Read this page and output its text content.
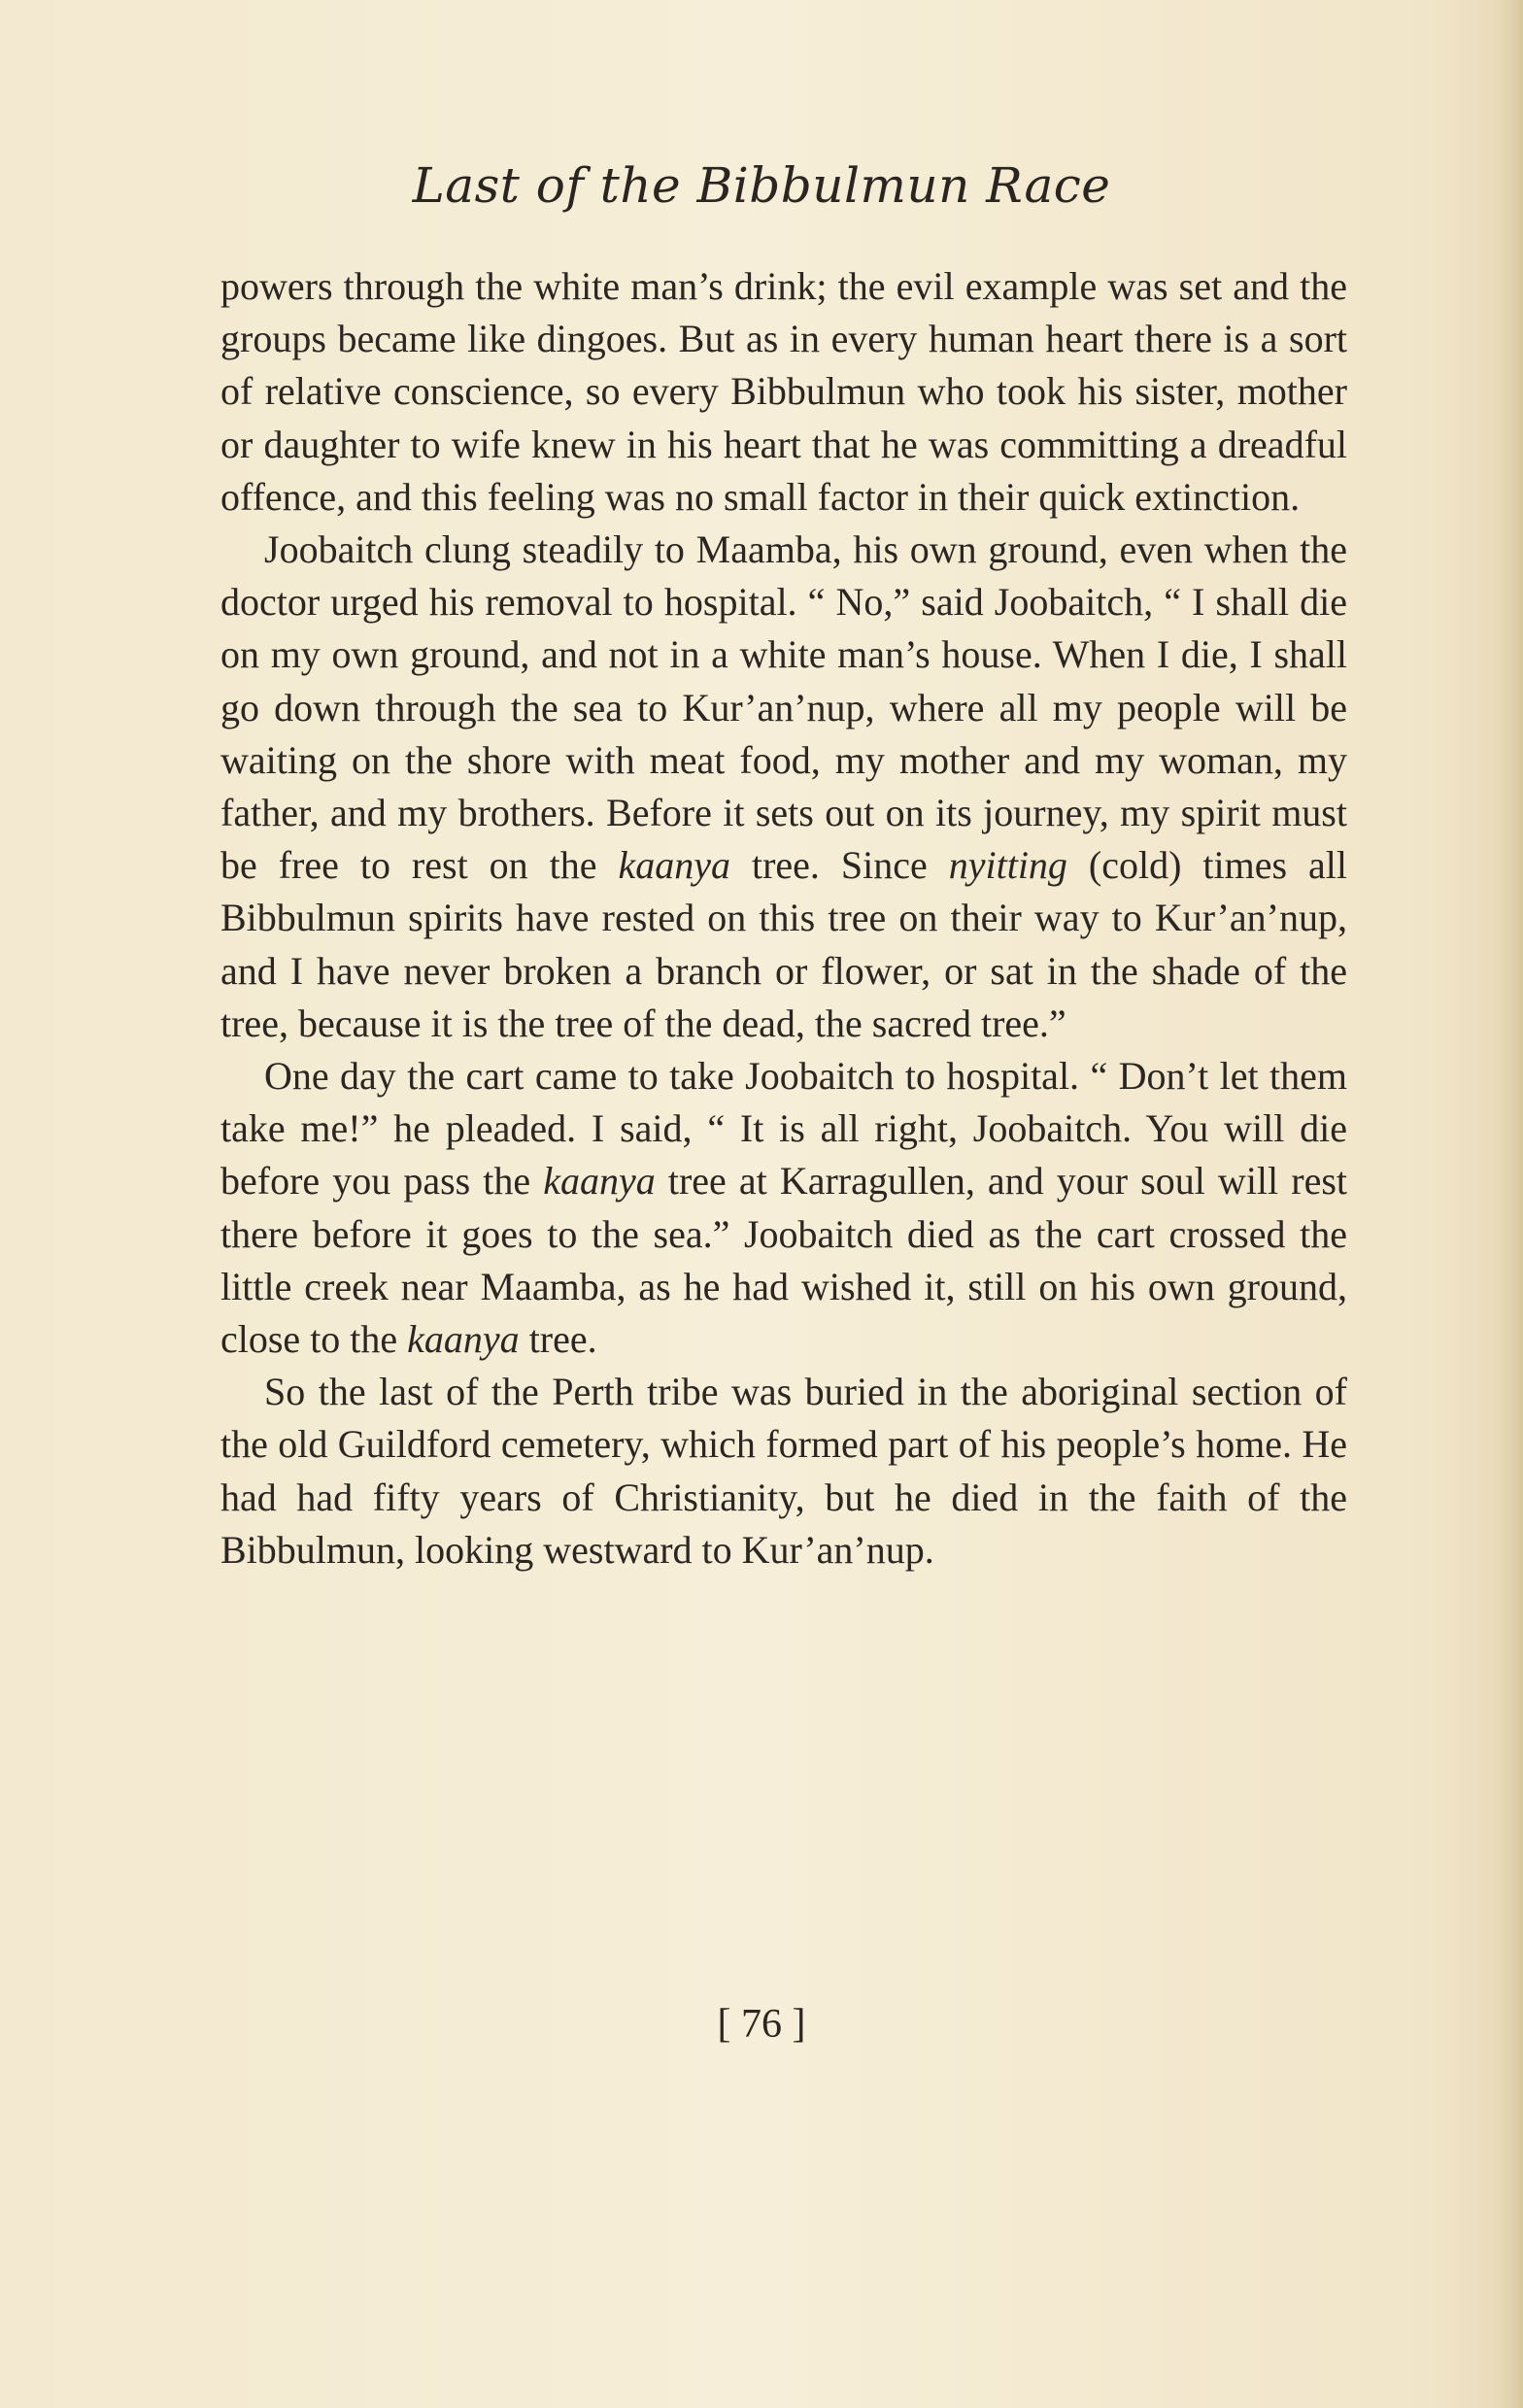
Last of the Bibbulmun Race

powers through the white man’s drink; the evil example was set and the groups became like dingoes. But as in every human heart there is a sort of relative conscience, so every Bibbulmun who took his sister, mother or daughter to wife knew in his heart that he was committing a dreadful offence, and this feeling was no small factor in their quick extinction.

Joobaitch clung steadily to Maamba, his own ground, even when the doctor urged his removal to hospital. “ No,” said Joobaitch, “ I shall die on my own ground, and not in a white man’s house. When I die, I shall go down through the sea to Kur’an’nup, where all my people will be waiting on the shore with meat food, my mother and my woman, my father, and my brothers. Before it sets out on its journey, my spirit must be free to rest on the kaanya tree. Since nyitting (cold) times all Bibbulmun spirits have rested on this tree on their way to Kur’an’nup, and I have never broken a branch or flower, or sat in the shade of the tree, because it is the tree of the dead, the sacred tree.”

One day the cart came to take Joobaitch to hospital. “ Don’t let them take me!” he pleaded. I said, “ It is all right, Joobaitch. You will die before you pass the kaanya tree at Karragullen, and your soul will rest there before it goes to the sea.” Joobaitch died as the cart crossed the little creek near Maamba, as he had wished it, still on his own ground, close to the kaanya tree.

So the last of the Perth tribe was buried in the aboriginal section of the old Guildford cemetery, which formed part of his people’s home. He had had fifty years of Christianity, but he died in the faith of the Bibbulmun, looking westward to Kur’an’nup.

[ 76 ]
